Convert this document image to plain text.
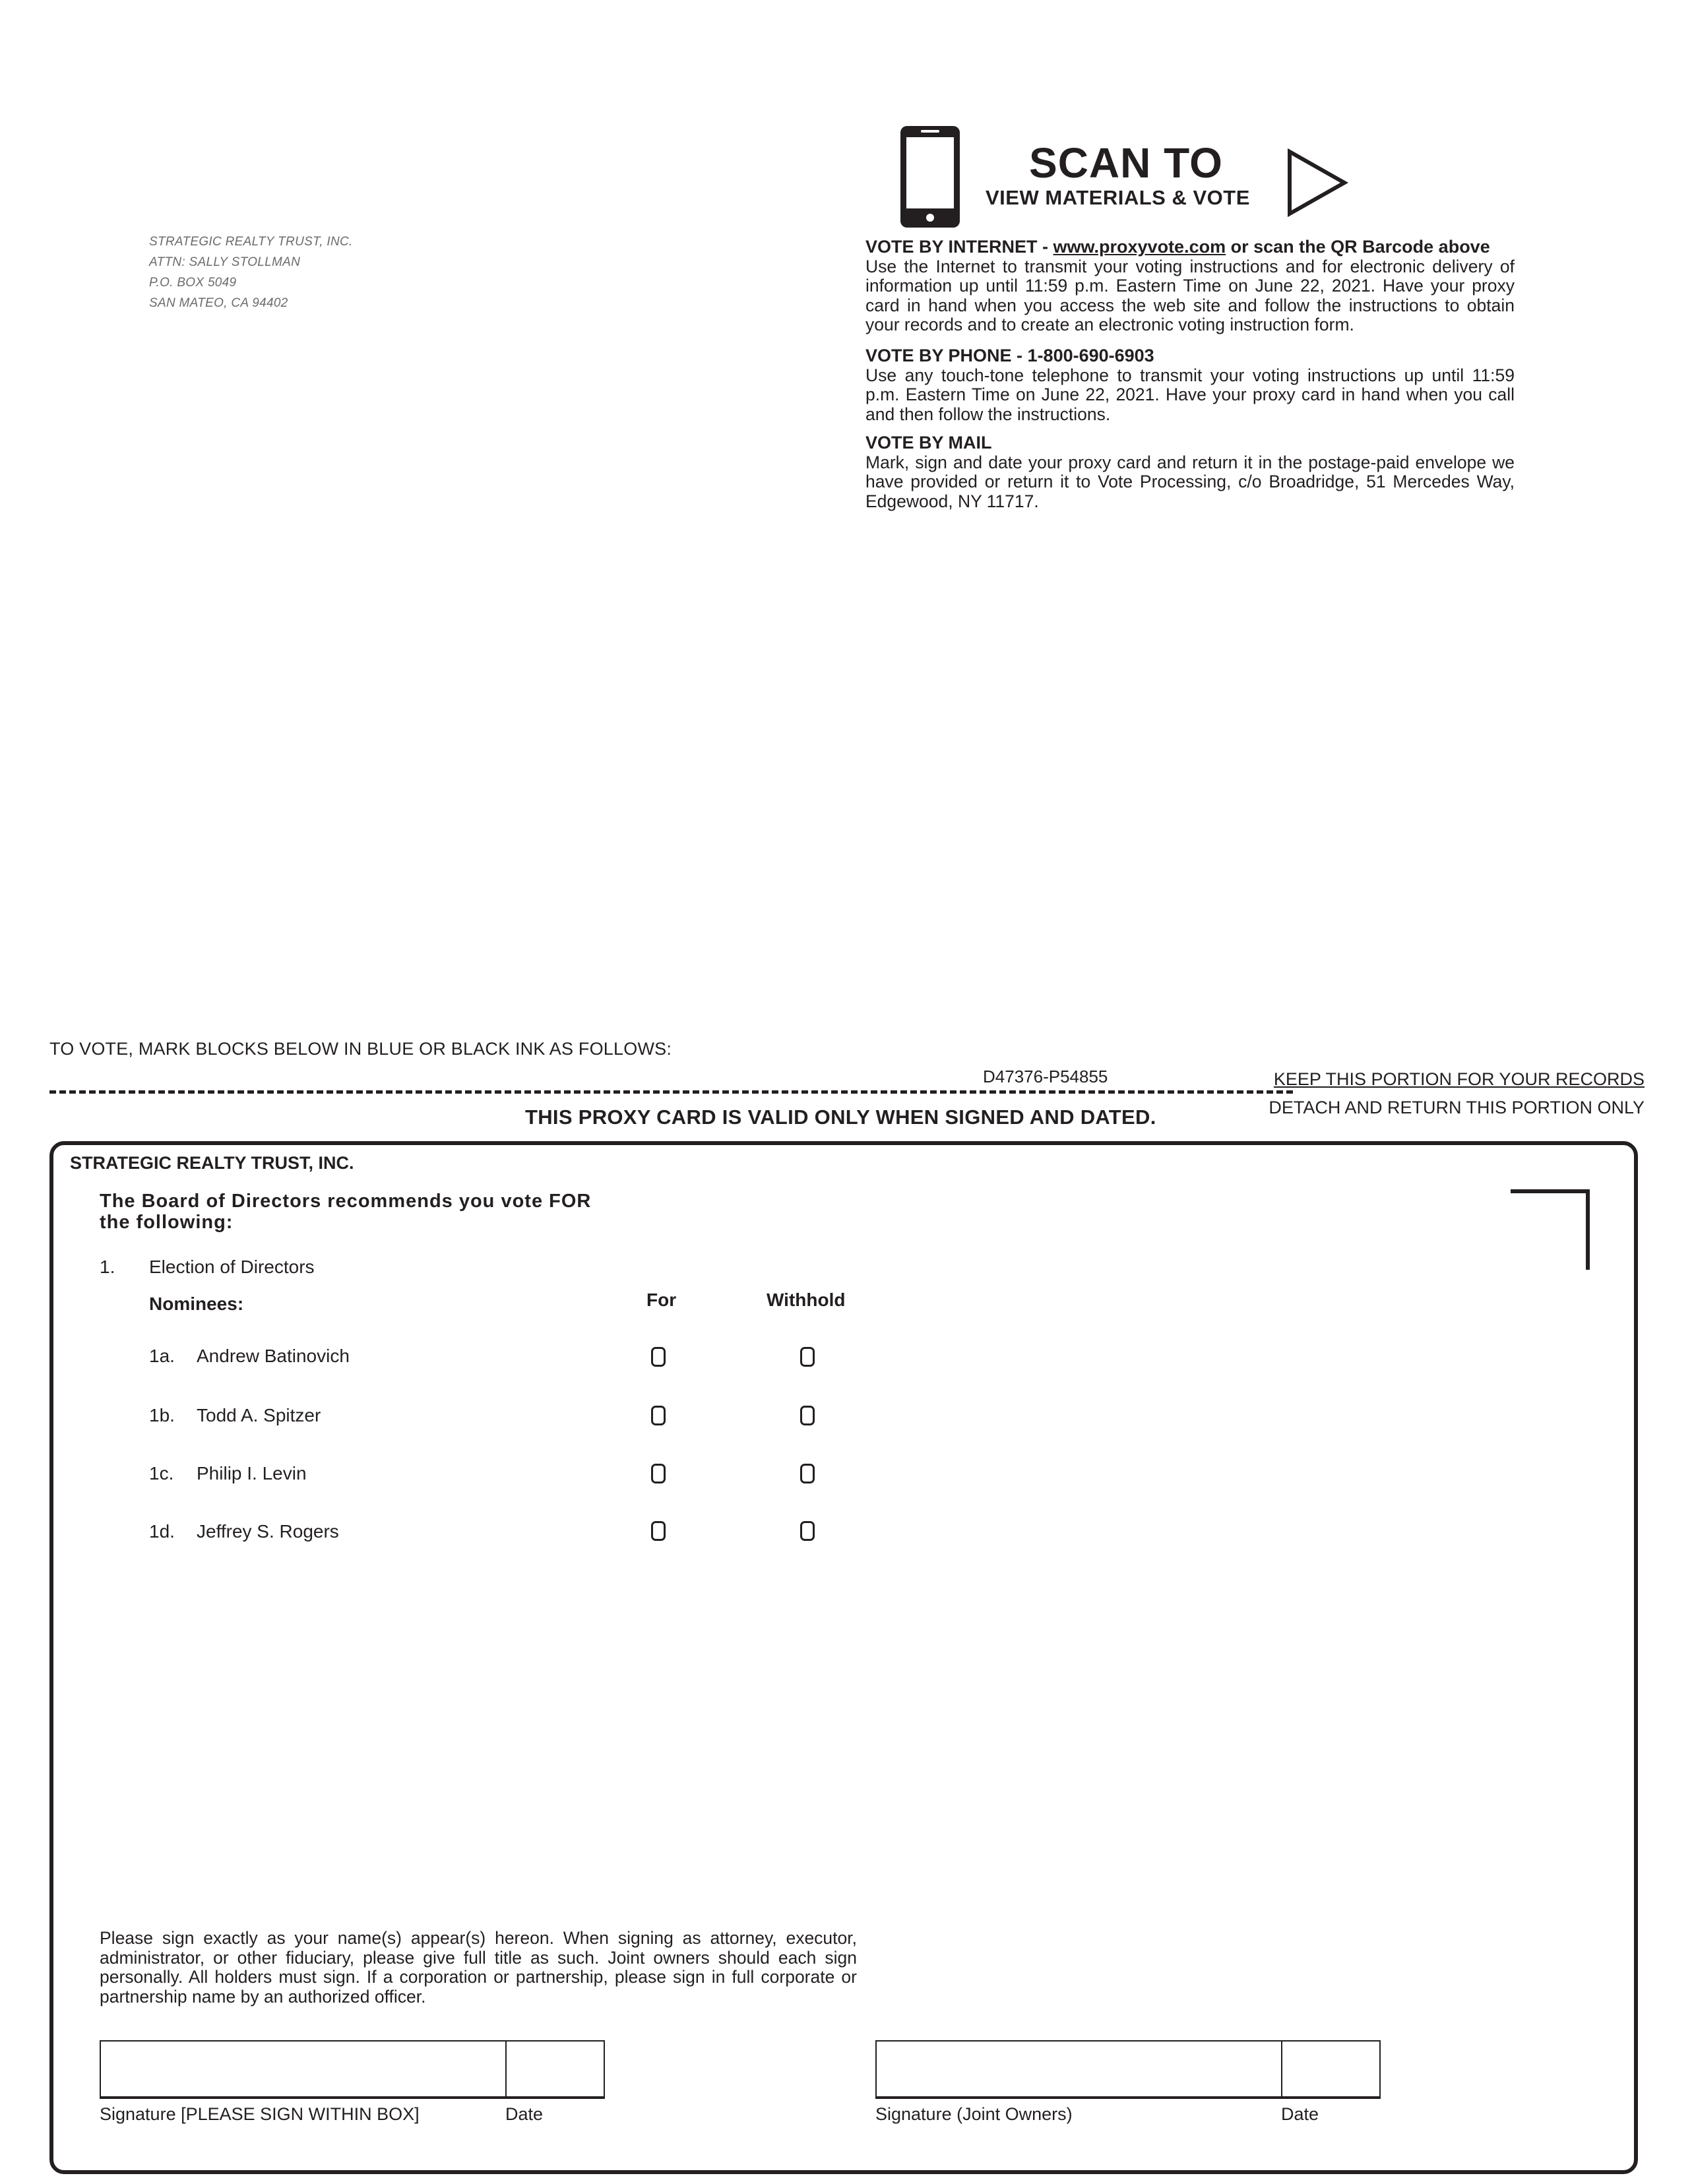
STRATEGIC REALTY TRUST, INC.
ATTN: SALLY STOLLMAN
P.O. BOX 5049
SAN MATEO, CA 94402
SCAN TO
VIEW MATERIALS & VOTE
VOTE BY INTERNET - www.proxyvote.com or scan the QR Barcode above
Use the Internet to transmit your voting instructions and for electronic delivery of information up until 11:59 p.m. Eastern Time on June 22, 2021. Have your proxy card in hand when you access the web site and follow the instructions to obtain your records and to create an electronic voting instruction form.
VOTE BY PHONE - 1-800-690-6903
Use any touch-tone telephone to transmit your voting instructions up until 11:59 p.m. Eastern Time on June 22, 2021. Have your proxy card in hand when you call and then follow the instructions.
VOTE BY MAIL
Mark, sign and date your proxy card and return it in the postage-paid envelope we have provided or return it to Vote Processing, c/o Broadridge, 51 Mercedes Way, Edgewood, NY 11717.
TO VOTE, MARK BLOCKS BELOW IN BLUE OR BLACK INK AS FOLLOWS:
D47376-P54855	KEEP THIS PORTION FOR YOUR RECORDS
DETACH AND RETURN THIS PORTION ONLY
THIS PROXY CARD IS VALID ONLY WHEN SIGNED AND DATED.
STRATEGIC REALTY TRUST, INC.
The Board of Directors recommends you vote FOR the following:
1. Election of Directors
Nominees:	For	Withhold
1a. Andrew Batinovich
1b. Todd A. Spitzer
1c. Philip I. Levin
1d. Jeffrey S. Rogers
Please sign exactly as your name(s) appear(s) hereon. When signing as attorney, executor, administrator, or other fiduciary, please give full title as such. Joint owners should each sign personally. All holders must sign. If a corporation or partnership, please sign in full corporate or partnership name by an authorized officer.
Signature [PLEASE SIGN WITHIN BOX]	Date	Signature (Joint Owners)	Date
